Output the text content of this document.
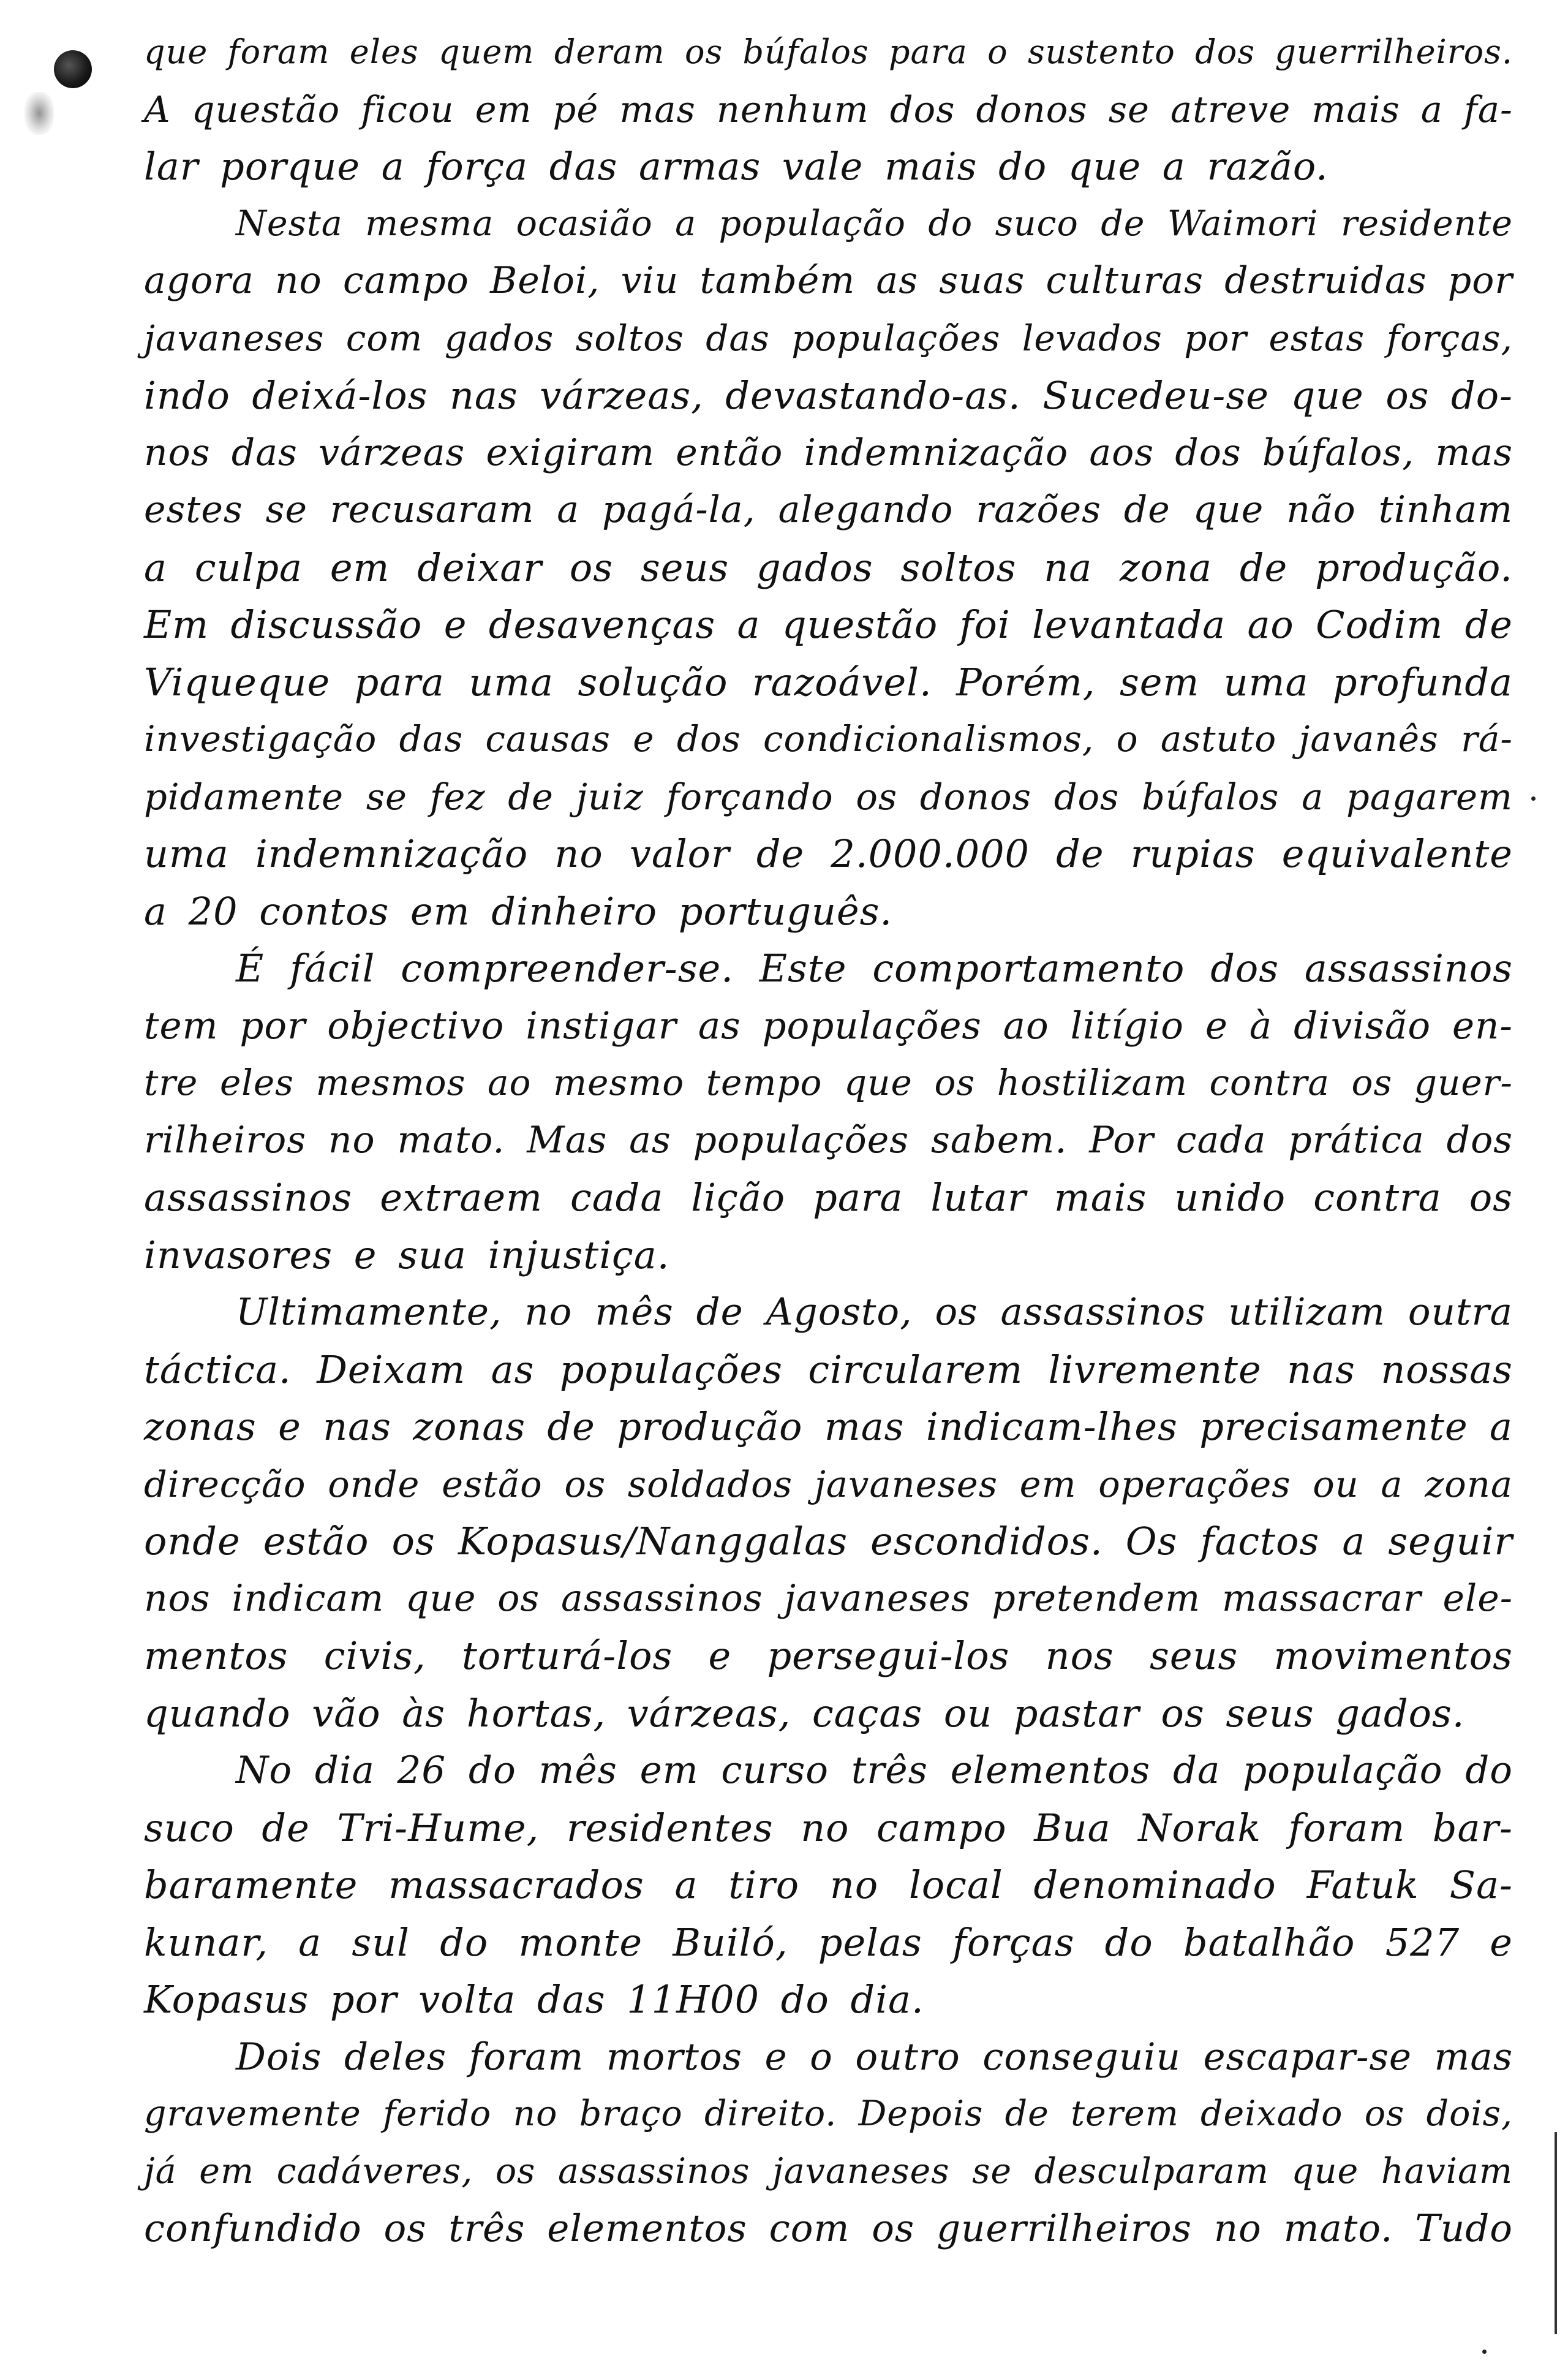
que foram eles quem deram os búfalos para o sustento dos guerrilheiros.
A questão ficou em pé mas nenhum dos donos se atreve mais a fa-
lar porque a força das armas vale mais do que a razão.
Nesta mesma ocasião a população do suco de Waimori residente
agora no campo Beloi, viu também as suas culturas destruidas por
javaneses com gados soltos das populações levados por estas forças,
indo deixá-los nas várzeas, devastando-as. Sucedeu-se que os do-
nos das várzeas exigiram então indemnização aos dos búfalos, mas
estes se recusaram a pagá-la, alegando razões de que não tinham
a culpa em deixar os seus gados soltos na zona de produção.
Em discussão e desavenças a questão foi levantada ao Codim de
Viqueque para uma solução razoável. Porém, sem uma profunda
investigação das causas e dos condicionalismos, o astuto javanês rá-
pidamente se fez de juiz forçando os donos dos búfalos a pagarem
uma indemnização no valor de 2.000.000 de rupias equivalente
a 20 contos em dinheiro português.
É fácil compreender-se. Este comportamento dos assassinos
tem por objectivo instigar as populações ao litígio e à divisão en-
tre eles mesmos ao mesmo tempo que os hostilizam contra os guer-
rilheiros no mato. Mas as populações sabem. Por cada prática dos
assassinos extraem cada lição para lutar mais unido contra os
invasores e sua injustiça.
Ultimamente, no mês de Agosto, os assassinos utilizam outra
táctica. Deixam as populações circularem livremente nas nossas
zonas e nas zonas de produção mas indicam-lhes precisamente a
direcção onde estão os soldados javaneses em operações ou a zona
onde estão os Kopasus/Nanggalas escondidos. Os factos a seguir
nos indicam que os assassinos javaneses pretendem massacrar ele-
mentos civis, torturá-los e persegui-los nos seus movimentos
quando vão às hortas, várzeas, caças ou pastar os seus gados.
No dia 26 do mês em curso três elementos da população do
suco de Tri-Hume, residentes no campo Bua Norak foram bar-
baramente massacrados a tiro no local denominado Fatuk Sa-
kunar, a sul do monte Builó, pelas forças do batalhão 527 e
Kopasus por volta das 11H00 do dia.
Dois deles foram mortos e o outro conseguiu escapar-se mas
gravemente ferido no braço direito. Depois de terem deixado os dois,
já em cadáveres, os assassinos javaneses se desculparam que haviam
confundido os três elementos com os guerrilheiros no mato. Tudo
